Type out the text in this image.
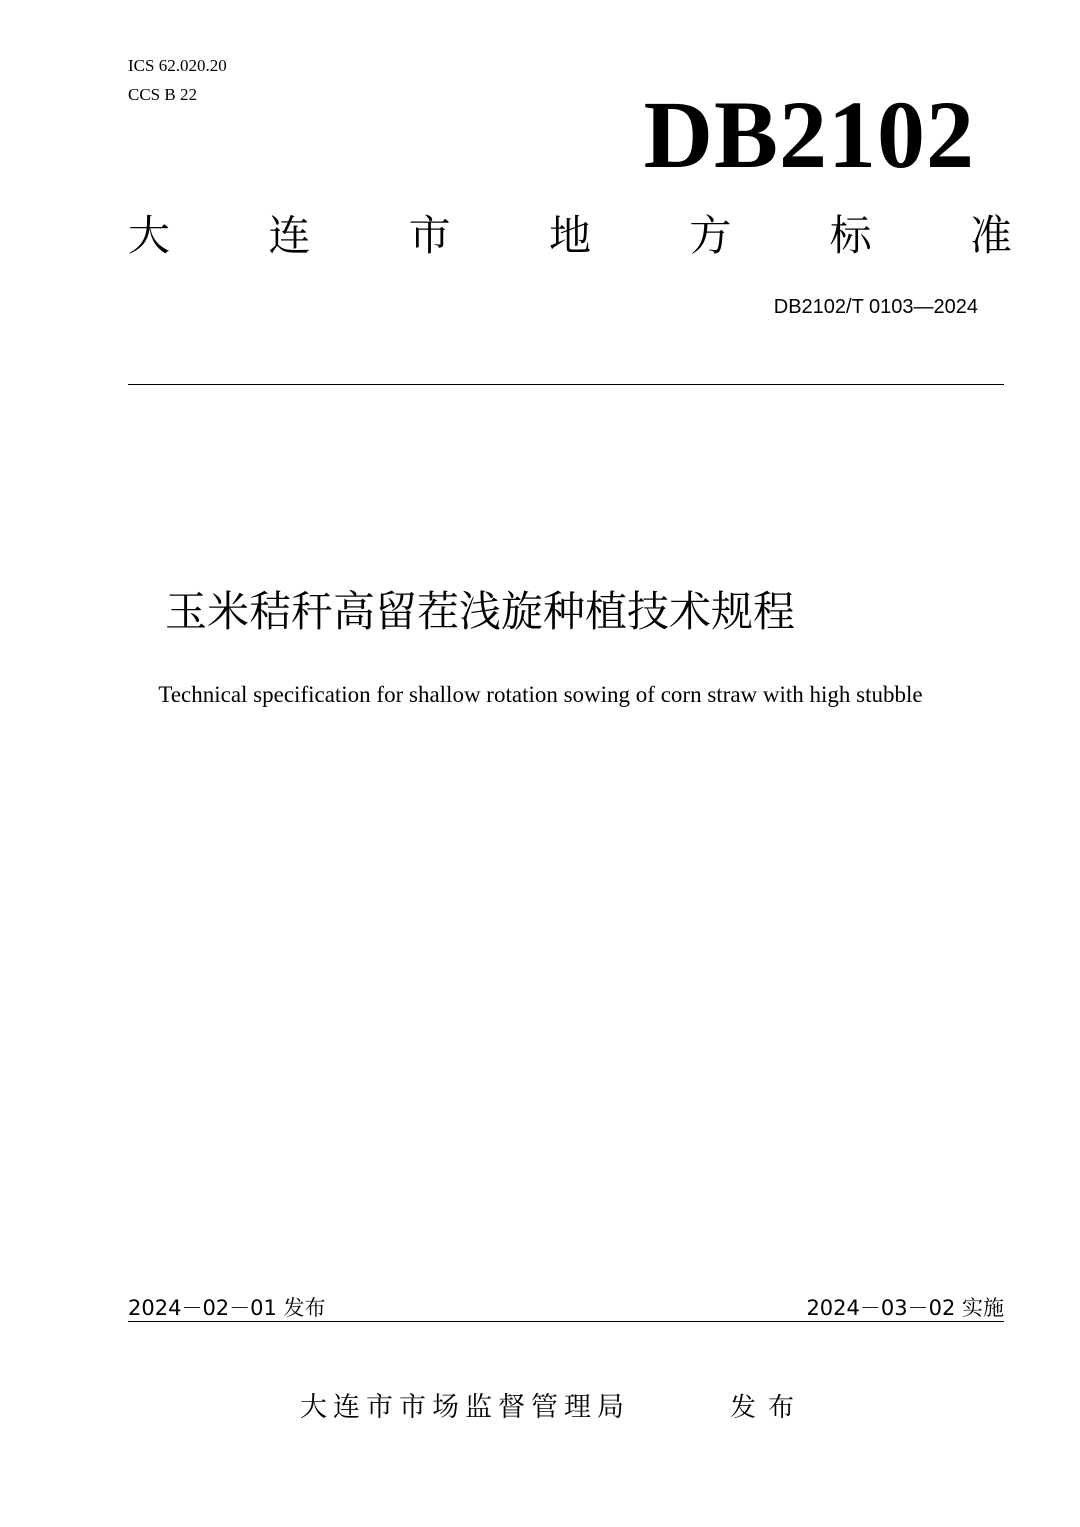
ICS 62.020.20
CCS B 22	DB2102
大 连 市 地 方 标 准
DB2102/T 0103—2024
玉米秸秆高留茬浅旋种植技术规程
Technical specification for shallow rotation sowing of corn straw with high stubble
2024－02－01 发布	2024－03－02 实施
大连市市场监督管理局	发布
